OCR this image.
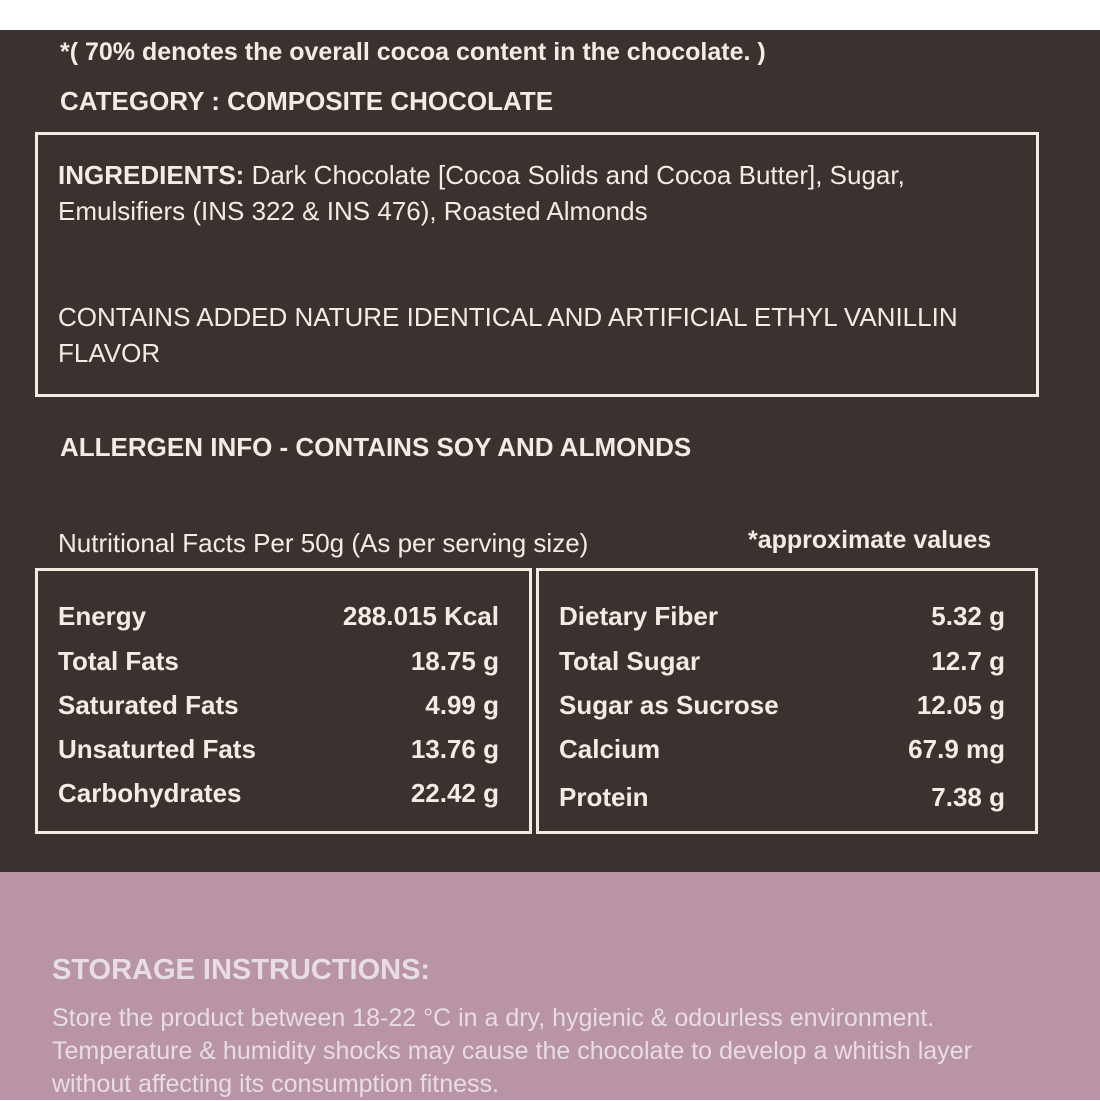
*( 70% denotes the overall cocoa content in the chocolate. )
CATEGORY : COMPOSITE CHOCOLATE
INGREDIENTS: Dark Chocolate [Cocoa Solids and Cocoa Butter], Sugar, Emulsifiers (INS 322 & INS 476), Roasted Almonds
CONTAINS ADDED NATURE IDENTICAL AND ARTIFICIAL ETHYL VANILLIN FLAVOR
ALLERGEN INFO - CONTAINS SOY AND ALMONDS
Nutritional Facts Per 50g (As per serving size)	*approximate values
Energy	288.015 Kcal
Total Fats	18.75 g
Saturated Fats	4.99 g
Unsaturted Fats	13.76 g
Carbohydrates	22.42 g
Dietary Fiber	5.32 g
Total Sugar	12.7 g
Sugar as Sucrose	12.05 g
Calcium	67.9 mg
Protein	7.38 g
STORAGE INSTRUCTIONS:
Store the product between 18-22 °C in a dry, hygienic & odourless environment. Temperature & humidity shocks may cause the chocolate to develop a whitish layer without affecting its consumption fitness.
